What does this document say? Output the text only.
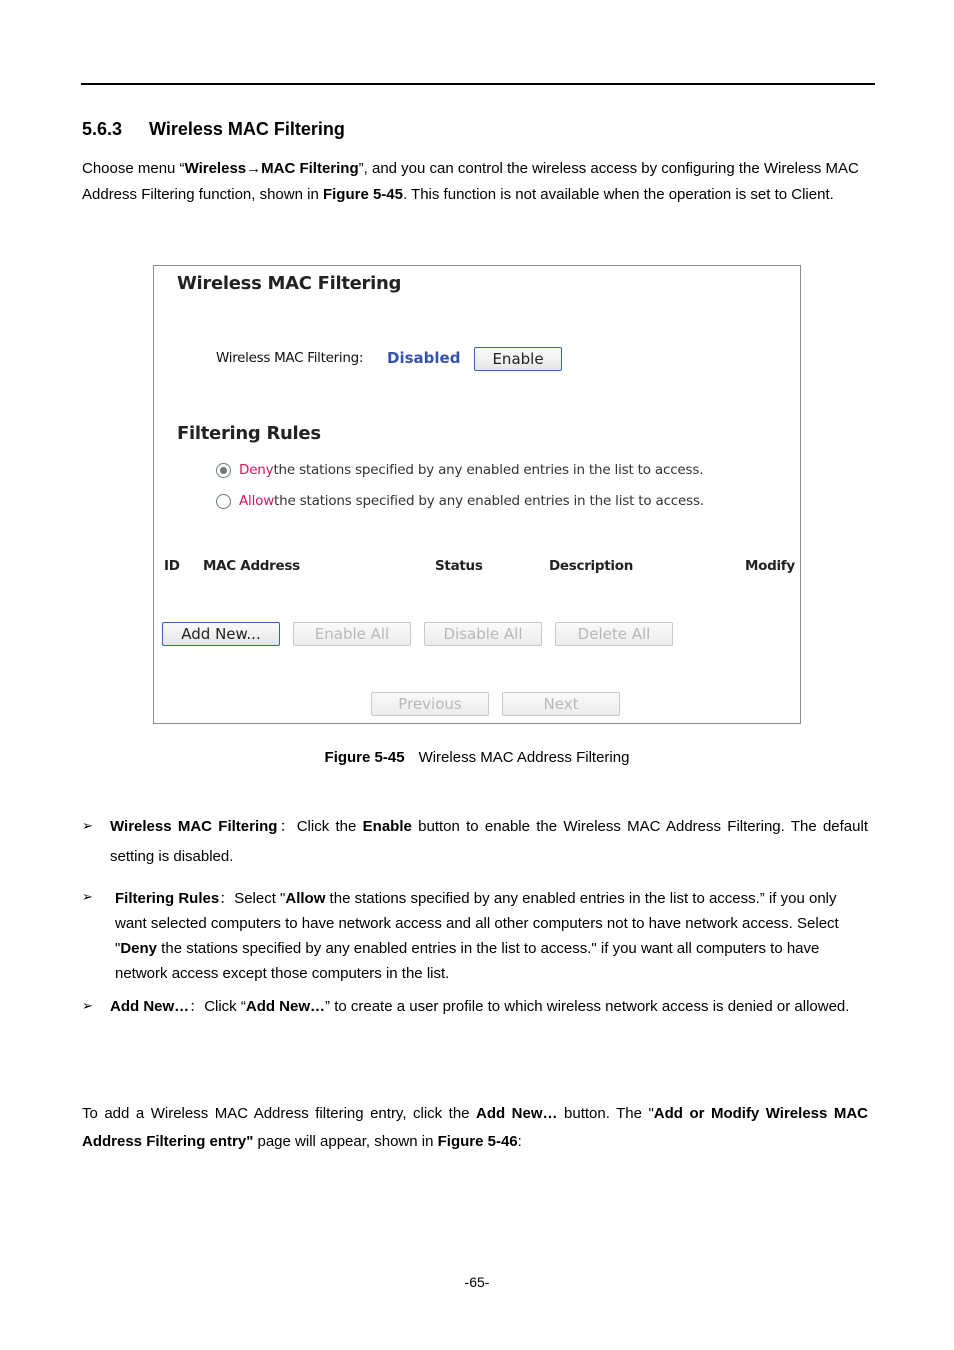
5.6.3 Wireless MAC Filtering
Choose menu “Wireless→MAC Filtering”, and you can control the wireless access by configuring the Wireless MAC Address Filtering function, shown in Figure 5-45. This function is not available when the operation is set to Client.
Wireless MAC Filtering
Wireless MAC Filtering: Disabled	Enable
Filtering Rules
Deny the stations specified by any enabled entries in the list to access.
Allow the stations specified by any enabled entries in the list to access.
ID MAC Address	Status	Description	Modify
Add New...	Enable All	Disable All	Delete All
Previous	Next
Figure 5-45 Wireless MAC Address Filtering
➢ Wireless MAC Filtering：Click the Enable button to enable the Wireless MAC Address Filtering. The default setting is disabled.
➢ Filtering Rules：Select "Allow the stations specified by any enabled entries in the list to access.” if you only want selected computers to have network access and all other computers not to have network access. Select "Deny the stations specified by any enabled entries in the list to access." if you want all computers to have network access except those computers in the list.
➢ Add New…：Click “Add New…” to create a user profile to which wireless network access is denied or allowed.
To add a Wireless MAC Address filtering entry, click the Add New… button. The "Add or Modify Wireless MAC Address Filtering entry" page will appear, shown in Figure 5-46:
-65-
